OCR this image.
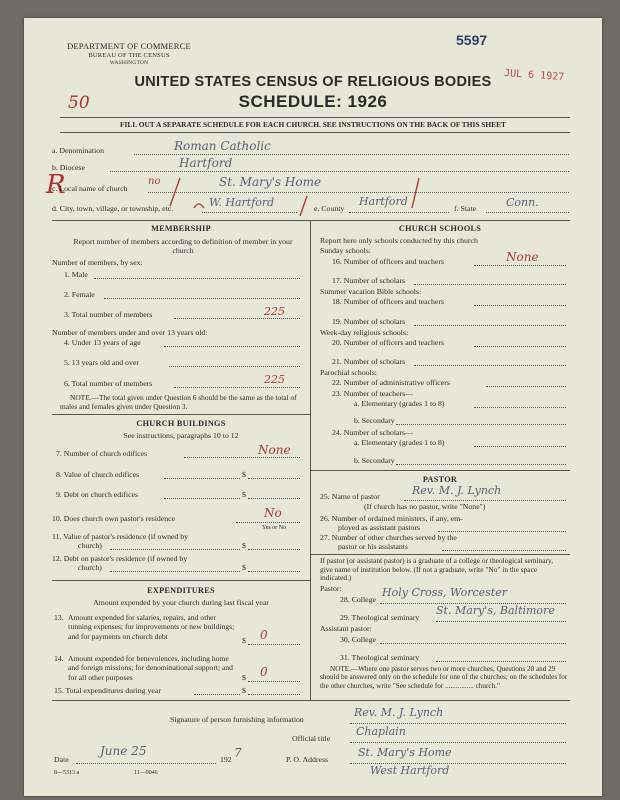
DEPARTMENT OF COMMERCE
BUREAU OF THE CENSUS
WASHINGTON
5597
JUL 6 1927
50
UNITED STATES CENSUS OF RELIGIOUS BODIES
SCHEDULE: 1926
FILL OUT A SEPARATE SCHEDULE FOR EACH CHURCH. SEE INSTRUCTIONS ON THE BACK OF THIS SHEET
a. Denomination	Roman Catholic
b. Diocese	Hartford
R
c. Local name of church
no	St. Mary's Home
d. City, town, village, or township, etc.	W. Hartford	e. County
Hartford
f. State	Conn.
MEMBERSHIP
Report number of members according to definition of member in your church
Number of members, by sex:
1. Male
2. Female
3. Total number of members	225
Number of members under and over 13 years old:
4. Under 13 years of age
5. 13 years old and over
6. Total number of members	225
NOTE.—The total given under Question 6 should be the same as the total of males and females given under Question 3.
CHURCH BUILDINGS
See instructions, paragraphs 10 to 12
7. Number of church edifices	None
8. Value of church edifices	$
9. Debt on church edifices	$
10. Does church own pastor's residence	No
Yes or No
11. Value of pastor's residence (if owned by
church)	$
12. Debt on pastor's residence (if owned by
church)	$
EXPENDITURES
Amount expended by your church during last fiscal year
13. Amount expended for salaries, repairs, and other running expenses; for improvements or new buildings; and for payments on church debt	$ 0
14. Amount expended for benevolences, including home and foreign missions; for denominational support; and for all other purposes	$ 0
15. Total expenditures during year	$
CHURCH SCHOOLS
Report here only schools conducted by this church
Sunday schools:
16. Number of officers and teachers	None
17. Number of scholars
Summer vacation Bible schools:
18. Number of officers and teachers
19. Number of scholars
Week-day religious schools:
20. Number of officers and teachers
21. Number of scholars
Parochial schools:
22. Number of administrative officers
23. Number of teachers—
a. Elementary (grades 1 to 8)
b. Secondary
24. Number of scholars—
a. Elementary (grades 1 to 8)
b. Secondary
PASTOR
25. Name of pastor	Rev. M. J. Lynch
(If church has no pastor, write "None")
26. Number of ordained ministers, if any, em-
ployed as assistant pastors
27. Number of other churches served by the
pastor or his assistants
If pastor (or assistant pastor) is a graduate of a college or theological seminary, give name of institution below. (If not a graduate, write "No" in the space indicated.)
Pastor:
28. College
Holy Cross, Worcester
29. Theological seminary
St. Mary's, Baltimore
Assistant pastor:
30. College
31. Theological seminary
NOTE.—Where one pastor serves two or more churches, Questions 28 and 29 should be answered only on the schedule for one of the churches; on the schedules for the other churches, write "See schedule for ................ church."
Signature of person furnishing information
Rev. M. J. Lynch
Official title
Chaplain
Date
June 25
192 7	P. O. Address
St. Mary's Home
West Hartford
8—5313 a	11—9046
